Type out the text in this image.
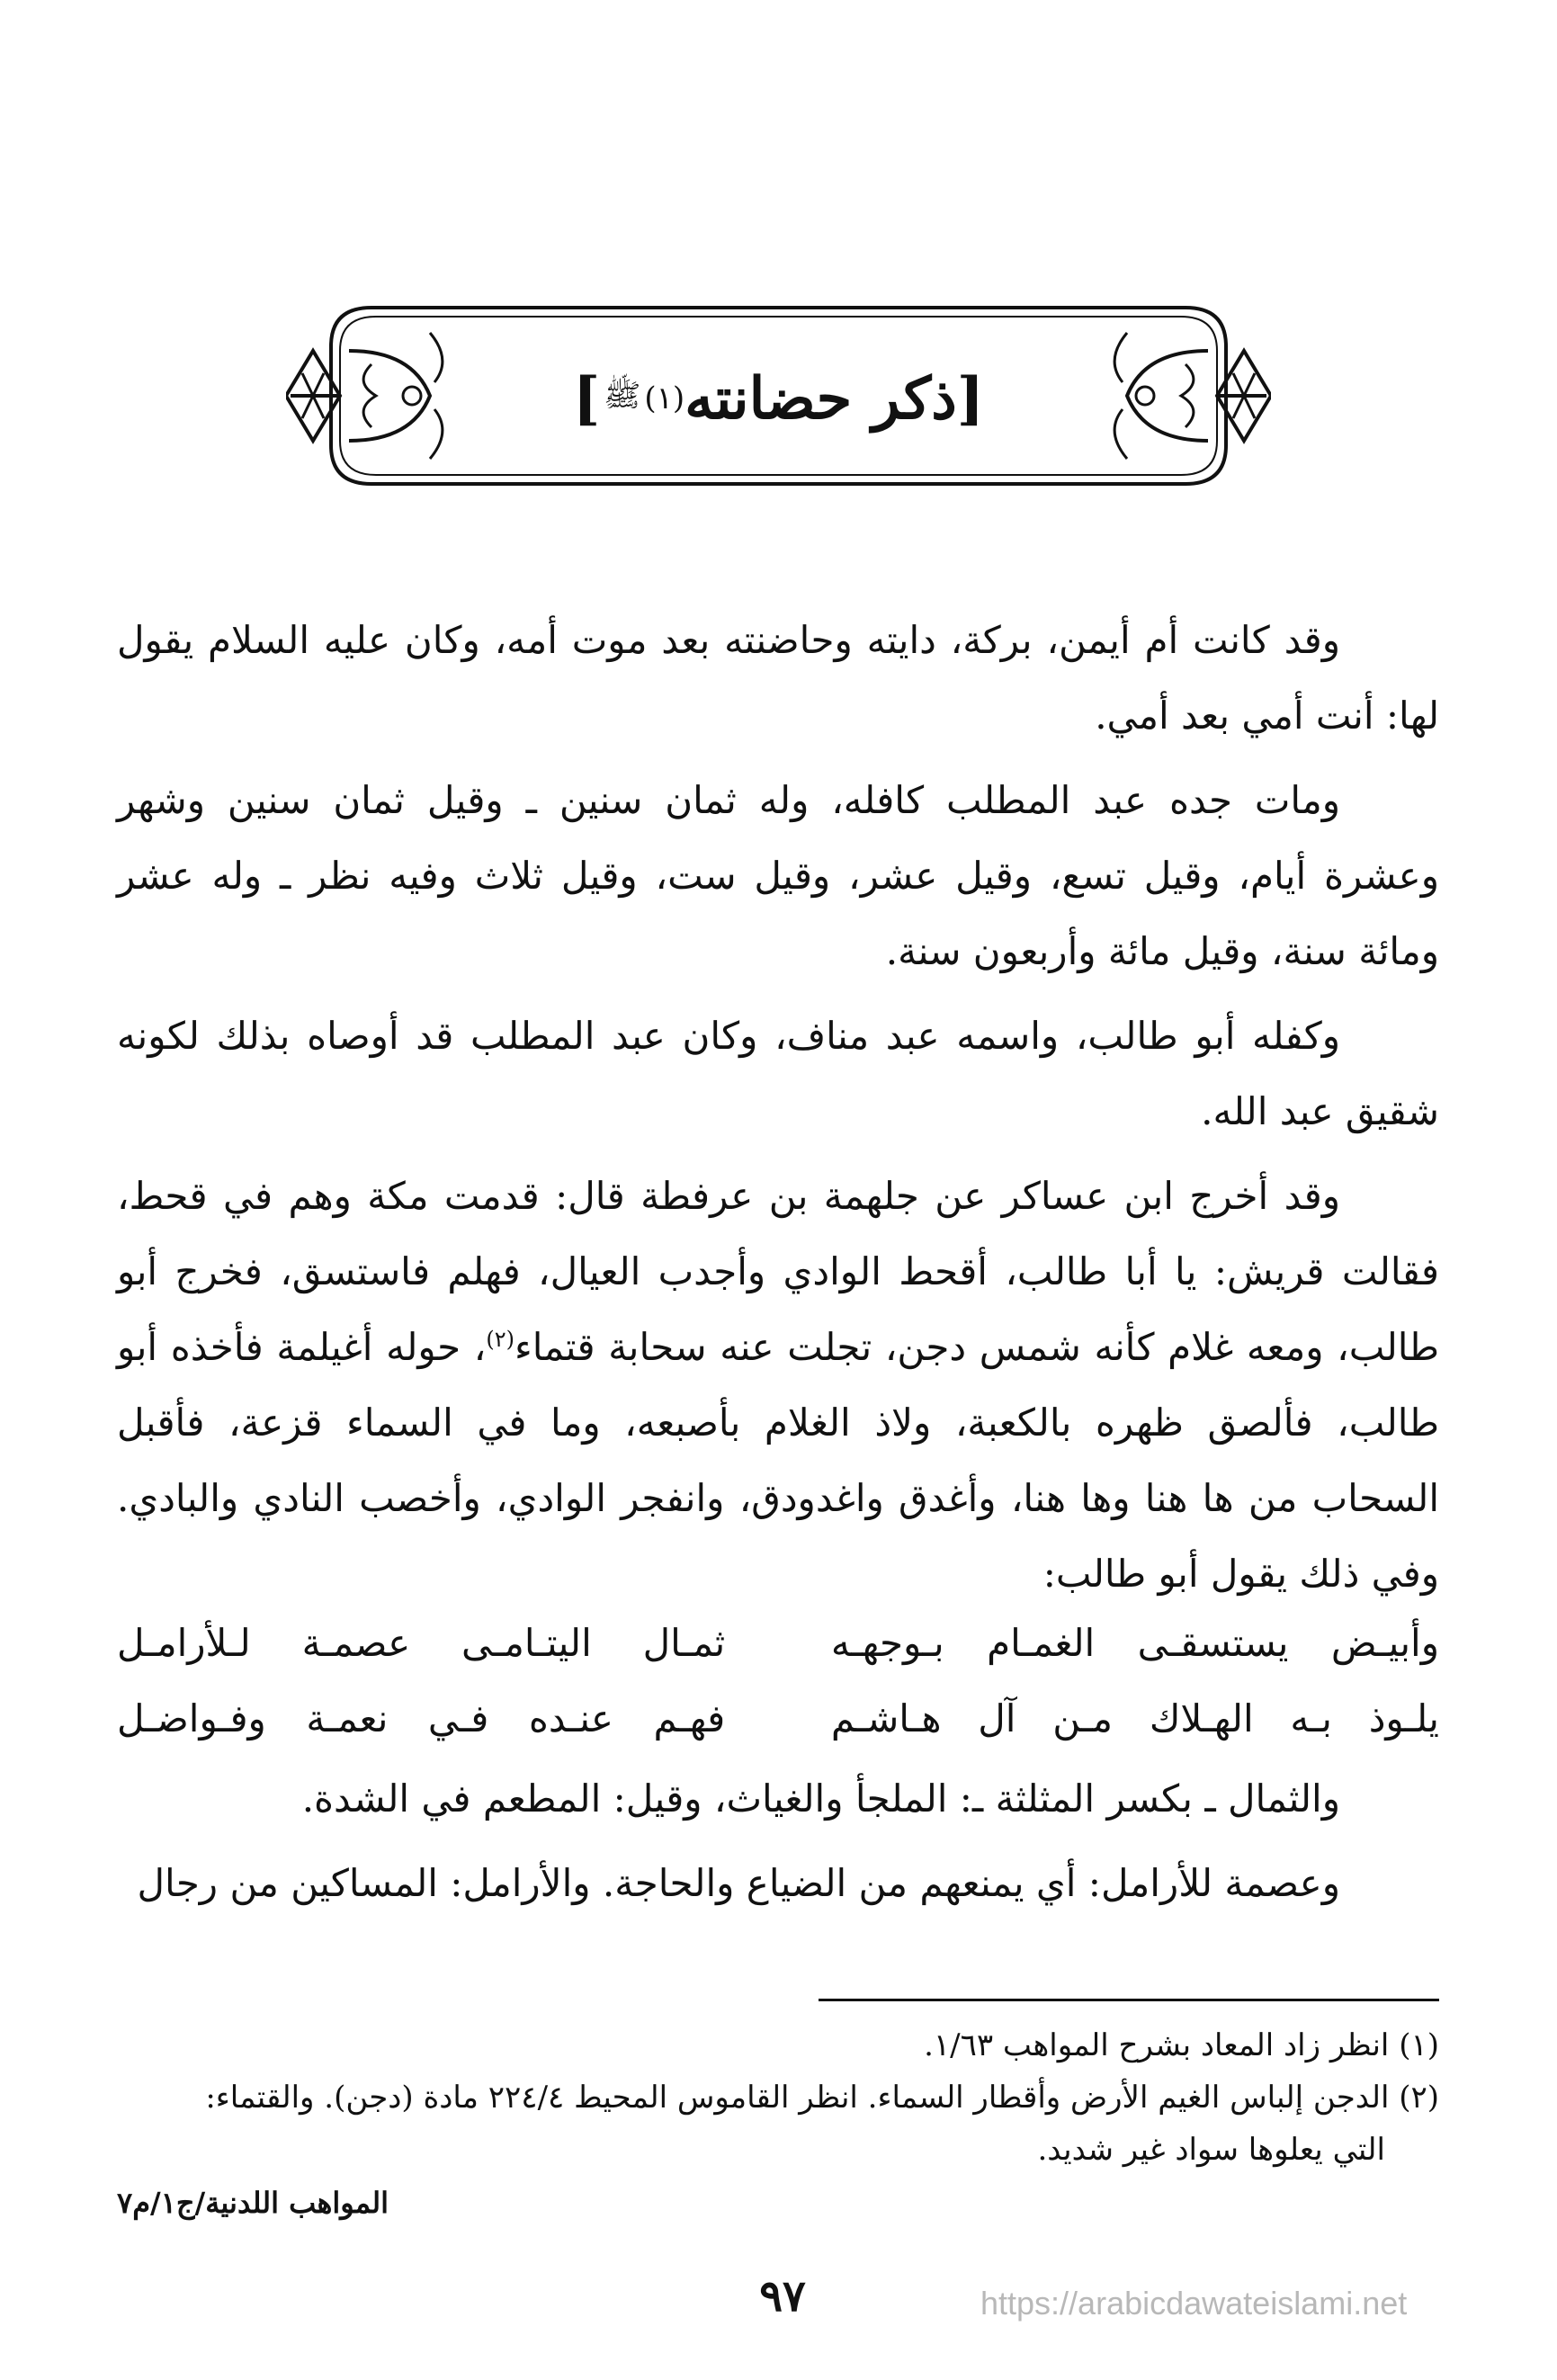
[
ذكر حضانته
(١)
ﷺ
]

وقد كانت أم أيمن، بركة، دايته وحاضنته بعد موت أمه، وكان عليه السلام يقول لها: أنت أمي بعد أمي.

ومات جده عبد المطلب كافله، وله ثمان سنين ـ وقيل ثمان سنين وشهر وعشرة أيام، وقيل تسع، وقيل عشر، وقيل ست، وقيل ثلاث وفيه نظر ـ وله عشر ومائة سنة، وقيل مائة وأربعون سنة.

وكفله أبو طالب، واسمه عبد مناف، وكان عبد المطلب قد أوصاه بذلك لكونه شقيق عبد الله.

وقد أخرج ابن عساكر عن جلهمة بن عرفطة قال: قدمت مكة وهم في قحط، فقالت قريش: يا أبا طالب، أقحط الوادي وأجدب العيال، فهلم فاستسق، فخرج أبو طالب، ومعه غلام كأنه شمس دجن، تجلت عنه سحابة قتماء$^{(٢)}$، حوله أغيلمة فأخذه أبو طالب، فألصق ظهره بالكعبة، ولاذ الغلام بأصبعه، وما في السماء قزعة، فأقبل السحاب من ها هنا وها هنا، وأغدق واغدودق، وانفجر الوادي، وأخصب النادي والبادي. وفي ذلك يقول أبو طالب:

وأبيـض يستسقـى الغمـام بـوجهـه
ثمـال اليتـامـى عصمـة لـلأرامـل
يلـوذ بـه الهـلاك مـن آل هـاشـم
فهـم عنـده فـي نعمـة وفـواضـل

والثمال ـ بكسر المثلثة ـ: الملجأ والغياث، وقيل: المطعم في الشدة.

وعصمة للأرامل: أي يمنعهم من الضياع والحاجة. والأرامل: المساكين من رجال

(١) انظر زاد المعاد بشرح المواهب ١/٦٣.

(٢) الدجن إلباس الغيم الأرض وأقطار السماء. انظر القاموس المحيط ٢٢٤/٤ مادة (دجن). والقتماء:

التي يعلوها سواد غير شديد.

المواهب اللدنية/ج١/م٧
٩٧	https://arabicdawateislami.net
